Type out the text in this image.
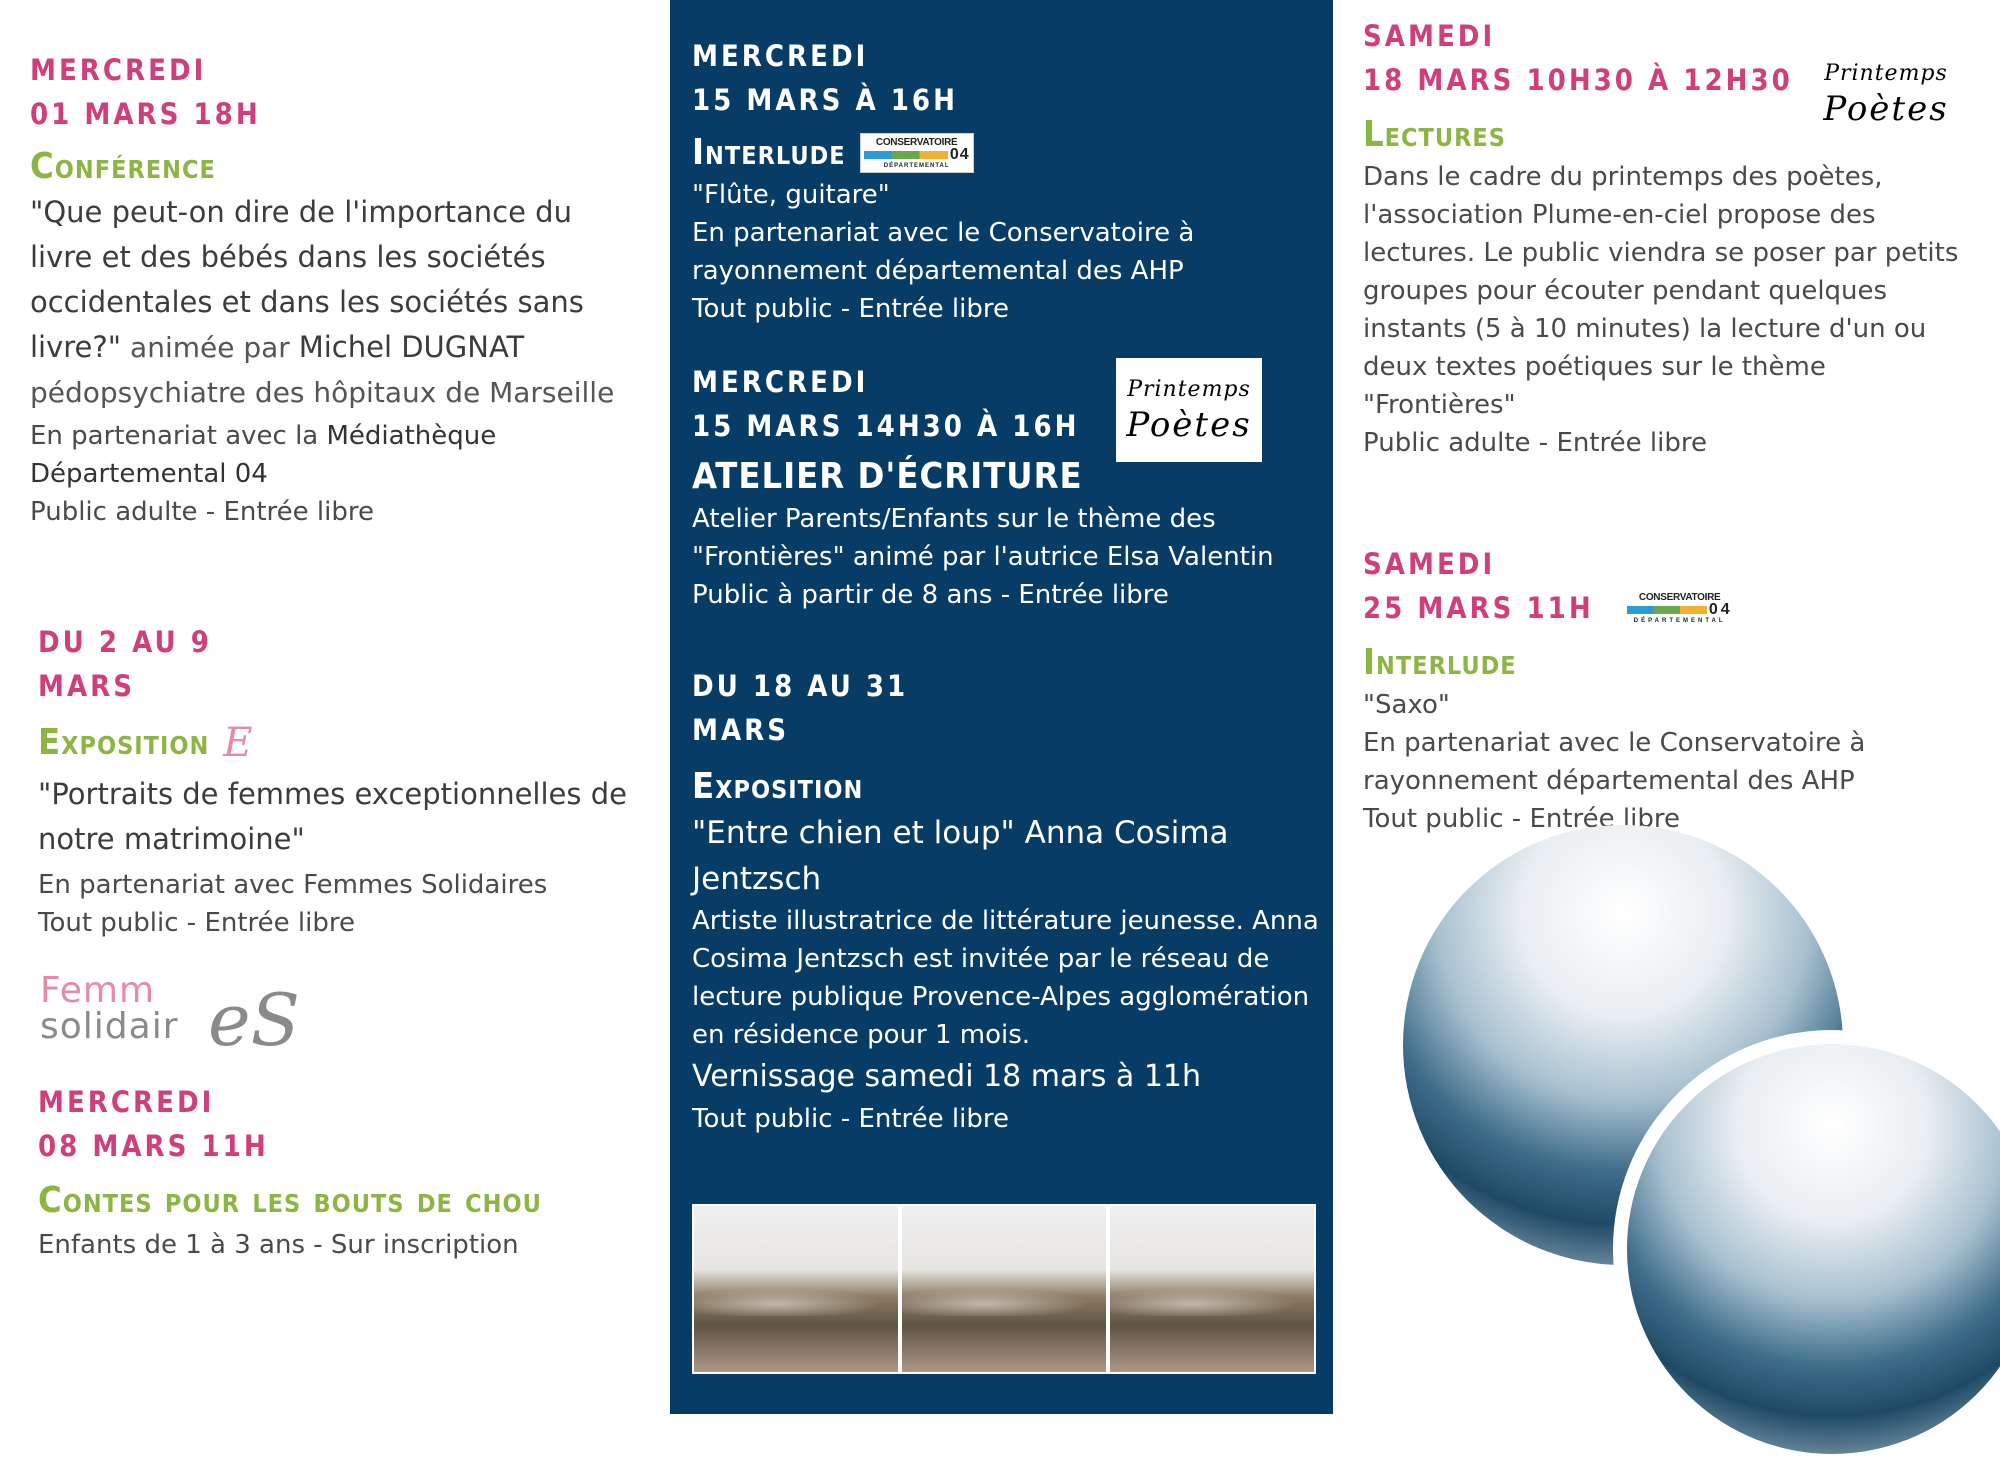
MERCREDI

01 MARS 18H

Conférence

"Que peut-on dire de l'importance du livre et des bébés dans les sociétés occidentales et dans les sociétés sans livre?" animée par Michel DUGNAT pédopsychiatre des hôpitaux de Marseille

En partenariat avec la Médiathèque Départemental 04

Public adulte - Entrée libre

DU 2 AU 9

MARS

Exposition E

"Portraits de femmes exceptionnelles de notre matrimoine"

En partenariat avec Femmes Solidaires

Tout public - Entrée libre

Femm
solidair eS

MERCREDI

08 MARS 11H

Contes pour les bouts de chou

Enfants de 1 à 3 ans - Sur inscription

MERCREDI

15 MARS À 16H

Interlude	CONSERVATOIRE
04
DÉPARTEMENTAL

"Flûte, guitare"

En partenariat avec le Conservatoire à rayonnement départemental des AHP

Tout public - Entrée libre

Printemps
Poètes

MERCREDI

15 MARS 14H30 À 16H

ATELIER D'ÉCRITURE

Atelier Parents/Enfants sur le thème des "Frontières" animé par l'autrice Elsa Valentin

Public à partir de 8 ans - Entrée libre

DU 18 AU 31

MARS

Exposition

"Entre chien et loup" Anna Cosima Jentzsch

Artiste illustratrice de littérature jeunesse. Anna Cosima Jentzsch est invitée par le réseau de lecture publique Provence-Alpes agglomération en résidence pour 1 mois.

Vernissage samedi 18 mars à 11h

Tout public - Entrée libre

SAMEDI

18 MARS 10H30 À 12H30

Lectures

Dans le cadre du printemps des poètes, l'association Plume-en-ciel propose des lectures. Le public viendra se poser par petits groupes pour écouter pendant quelques instants (5 à 10 minutes) la lecture d'un ou deux textes poétiques sur le thème "Frontières"

Public adulte - Entrée libre

Printemps
Poètes

SAMEDI

25 MARS 11H	CONSERVATOIRE
04
DÉPARTEMENTAL

Interlude

"Saxo"

En partenariat avec le Conservatoire à rayonnement départemental des AHP

Tout public - Entrée libre
